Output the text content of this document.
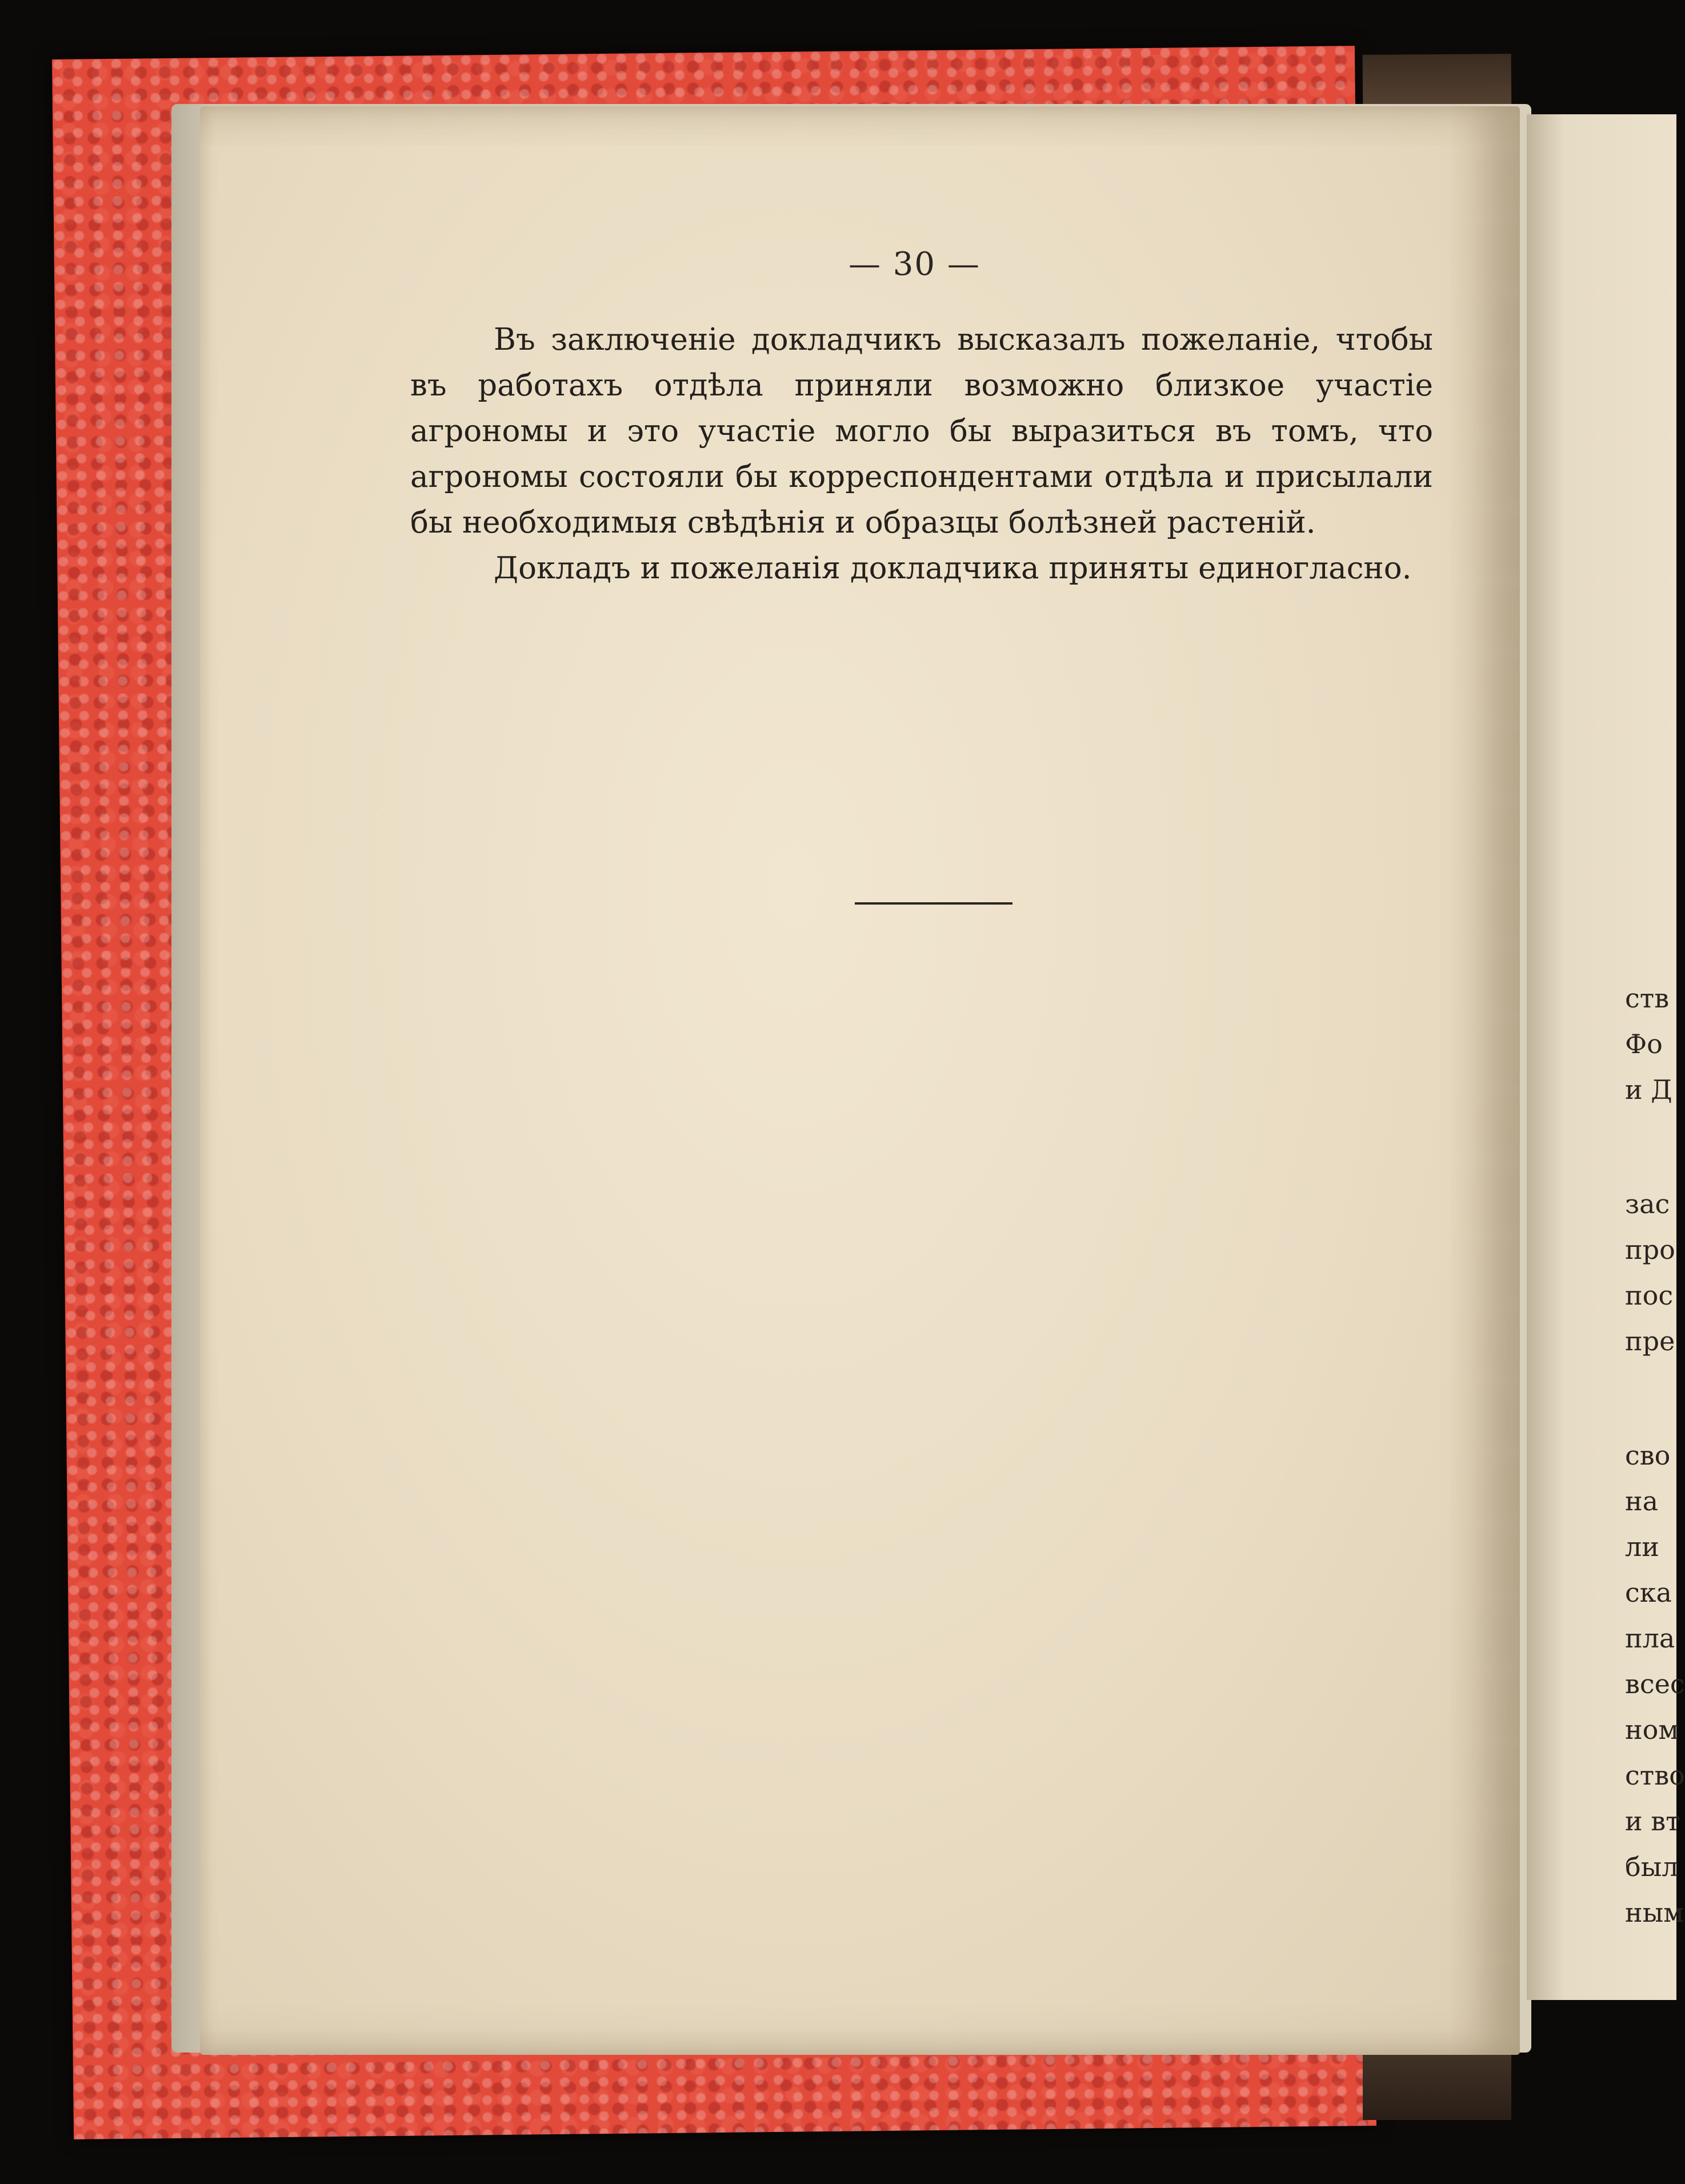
ств
Фо
и Д
зас
про
пос
пре
сво
на
ли
ска
пла
всес
ном
ство
и вт
был
ным
— 30 —

Въ заключеніе докладчикъ высказалъ пожеланіе, чтобы въ работахъ отдѣла приняли возможно близкое участіе агрономы и это участіе могло бы выразиться въ томъ, что агрономы состояли бы корреспондентами отдѣла и присылали бы необходимыя свѣдѣнія и образцы болѣзней растеній.

Докладъ и пожеланія докладчика приняты единогласно.
